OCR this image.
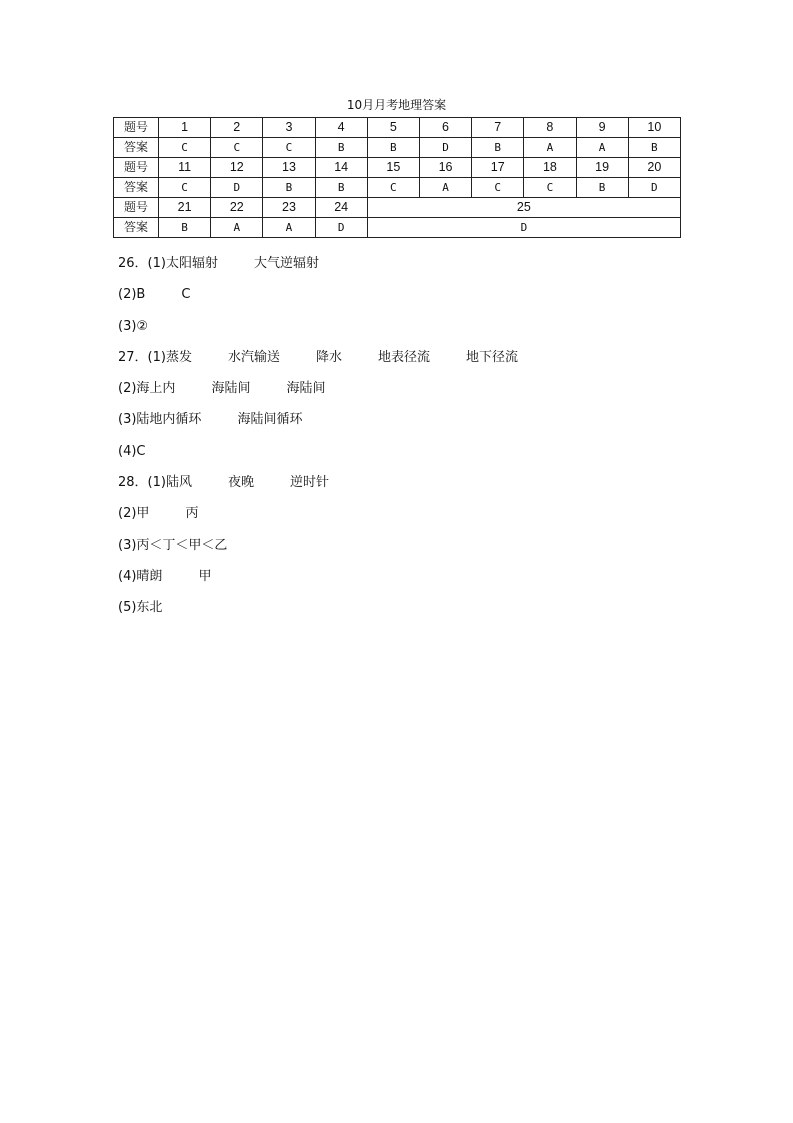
10月月考地理答案
题号	1	2	3	4	5	6	7	8	9	10
答案	C	C	C	B	B	D	B	A	A	B
题号	11	12	13	14	15	16	17	18	19	20
答案	C	D	B	B	C	A	C	C	B	D
题号	21	22	23	24	25					
答案	B	A	A	D	D					
26．(1)太阳辐射	大气逆辐射
(2)B	C
(3)②
27．(1)蒸发	水汽输送	降水	地表径流	地下径流
(2)海上内	海陆间	海陆间
(3)陆地内循环	海陆间循环
(4)C
28．(1)陆风	夜晚	逆时针
(2)甲	丙
(3)丙＜丁＜甲＜乙
(4)晴朗	甲
(5)东北
